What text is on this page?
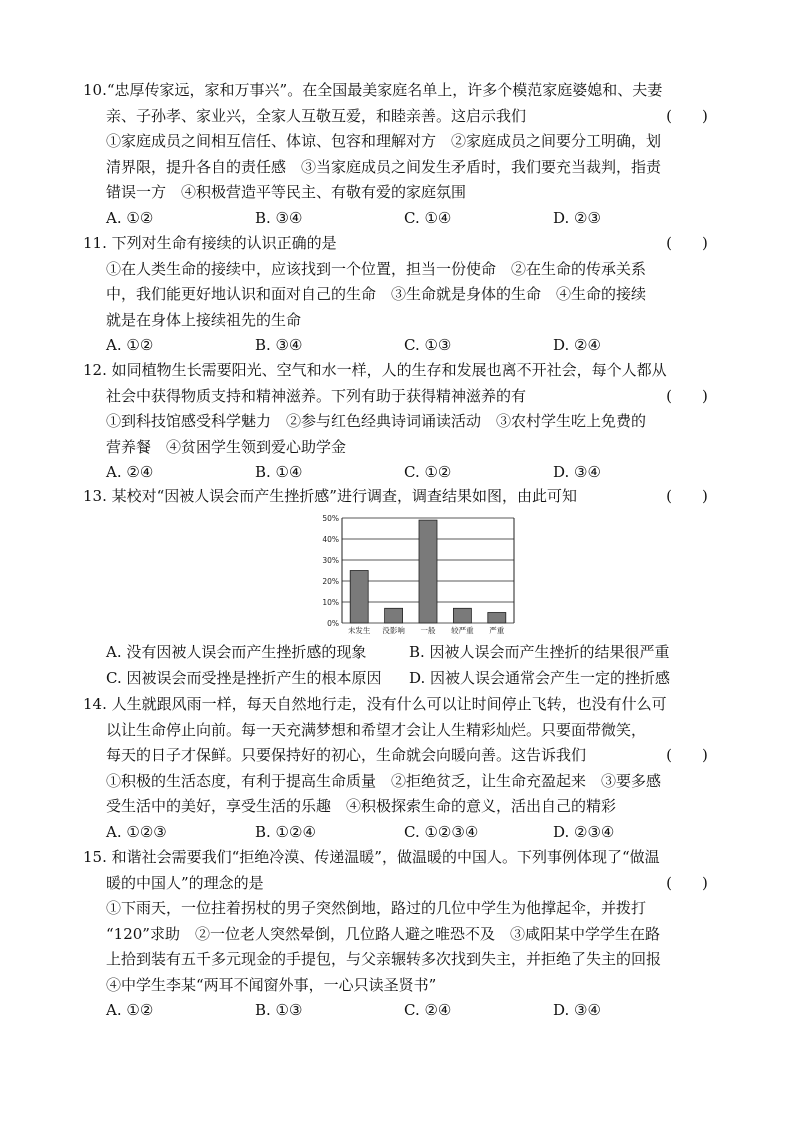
10.“忠厚传家远，家和万事兴”。在全国最美家庭名单上，许多个模范家庭婆媳和、夫妻
亲、子孙孝、家业兴，全家人互敬互爱，和睦亲善。这启示我们	(　　)
①家庭成员之间相互信任、体谅、包容和理解对方　②家庭成员之间要分工明确，划
清界限，提升各自的责任感　③当家庭成员之间发生矛盾时，我们要充当裁判，指责
错误一方　④积极营造平等民主、有敬有爱的家庭氛围
A. ①②	B. ③④	C. ①④	D. ②③
11. 下列对生命有接续的认识正确的是	(　　)
①在人类生命的接续中，应该找到一个位置，担当一份使命　②在生命的传承关系
中，我们能更好地认识和面对自己的生命　③生命就是身体的生命　④生命的接续
就是在身体上接续祖先的生命
A. ①②	B. ③④	C. ①③	D. ②④
12. 如同植物生长需要阳光、空气和水一样，人的生存和发展也离不开社会，每个人都从
社会中获得物质支持和精神滋养。下列有助于获得精神滋养的有	(　　)
①到科技馆感受科学魅力　②参与红色经典诗词诵读活动　③农村学生吃上免费的
营养餐　④贫困学生领到爱心助学金
A. ②④	B. ①④	C. ①②	D. ③④
13. 某校对“因被人误会而产生挫折感”进行调查，调查结果如图，由此可知	(　　)
0%
10%
20%
30%
40%
50%
未发生 没影响 一般 较严重 严重
A. 没有因被人误会而产生挫折感的现象	B. 因被人误会而产生挫折的结果很严重
C. 因被误会而受挫是挫折产生的根本原因	D. 因被人误会通常会产生一定的挫折感
14. 人生就跟风雨一样，每天自然地行走，没有什么可以让时间停止飞转，也没有什么可
以让生命停止向前。每一天充满梦想和希望才会让人生精彩灿烂。只要面带微笑，
每天的日子才保鲜。只要保持好的初心，生命就会向暖向善。这告诉我们	(　　)
①积极的生活态度，有利于提高生命质量　②拒绝贫乏，让生命充盈起来　③要多感
受生活中的美好，享受生活的乐趣　④积极探索生命的意义，活出自己的精彩
A. ①②③	B. ①②④	C. ①②③④	D. ②③④
15. 和谐社会需要我们“拒绝冷漠、传递温暖”，做温暖的中国人。下列事例体现了“做温
暖的中国人”的理念的是	(　　)
①下雨天，一位拄着拐杖的男子突然倒地，路过的几位中学生为他撑起伞，并拨打
“120”求助　②一位老人突然晕倒，几位路人避之唯恐不及　③咸阳某中学学生在路
上拾到装有五千多元现金的手提包，与父亲辗转多次找到失主，并拒绝了失主的回报
④中学生李某“两耳不闻窗外事，一心只读圣贤书”
A. ①②	B. ①③	C. ②④	D. ③④
